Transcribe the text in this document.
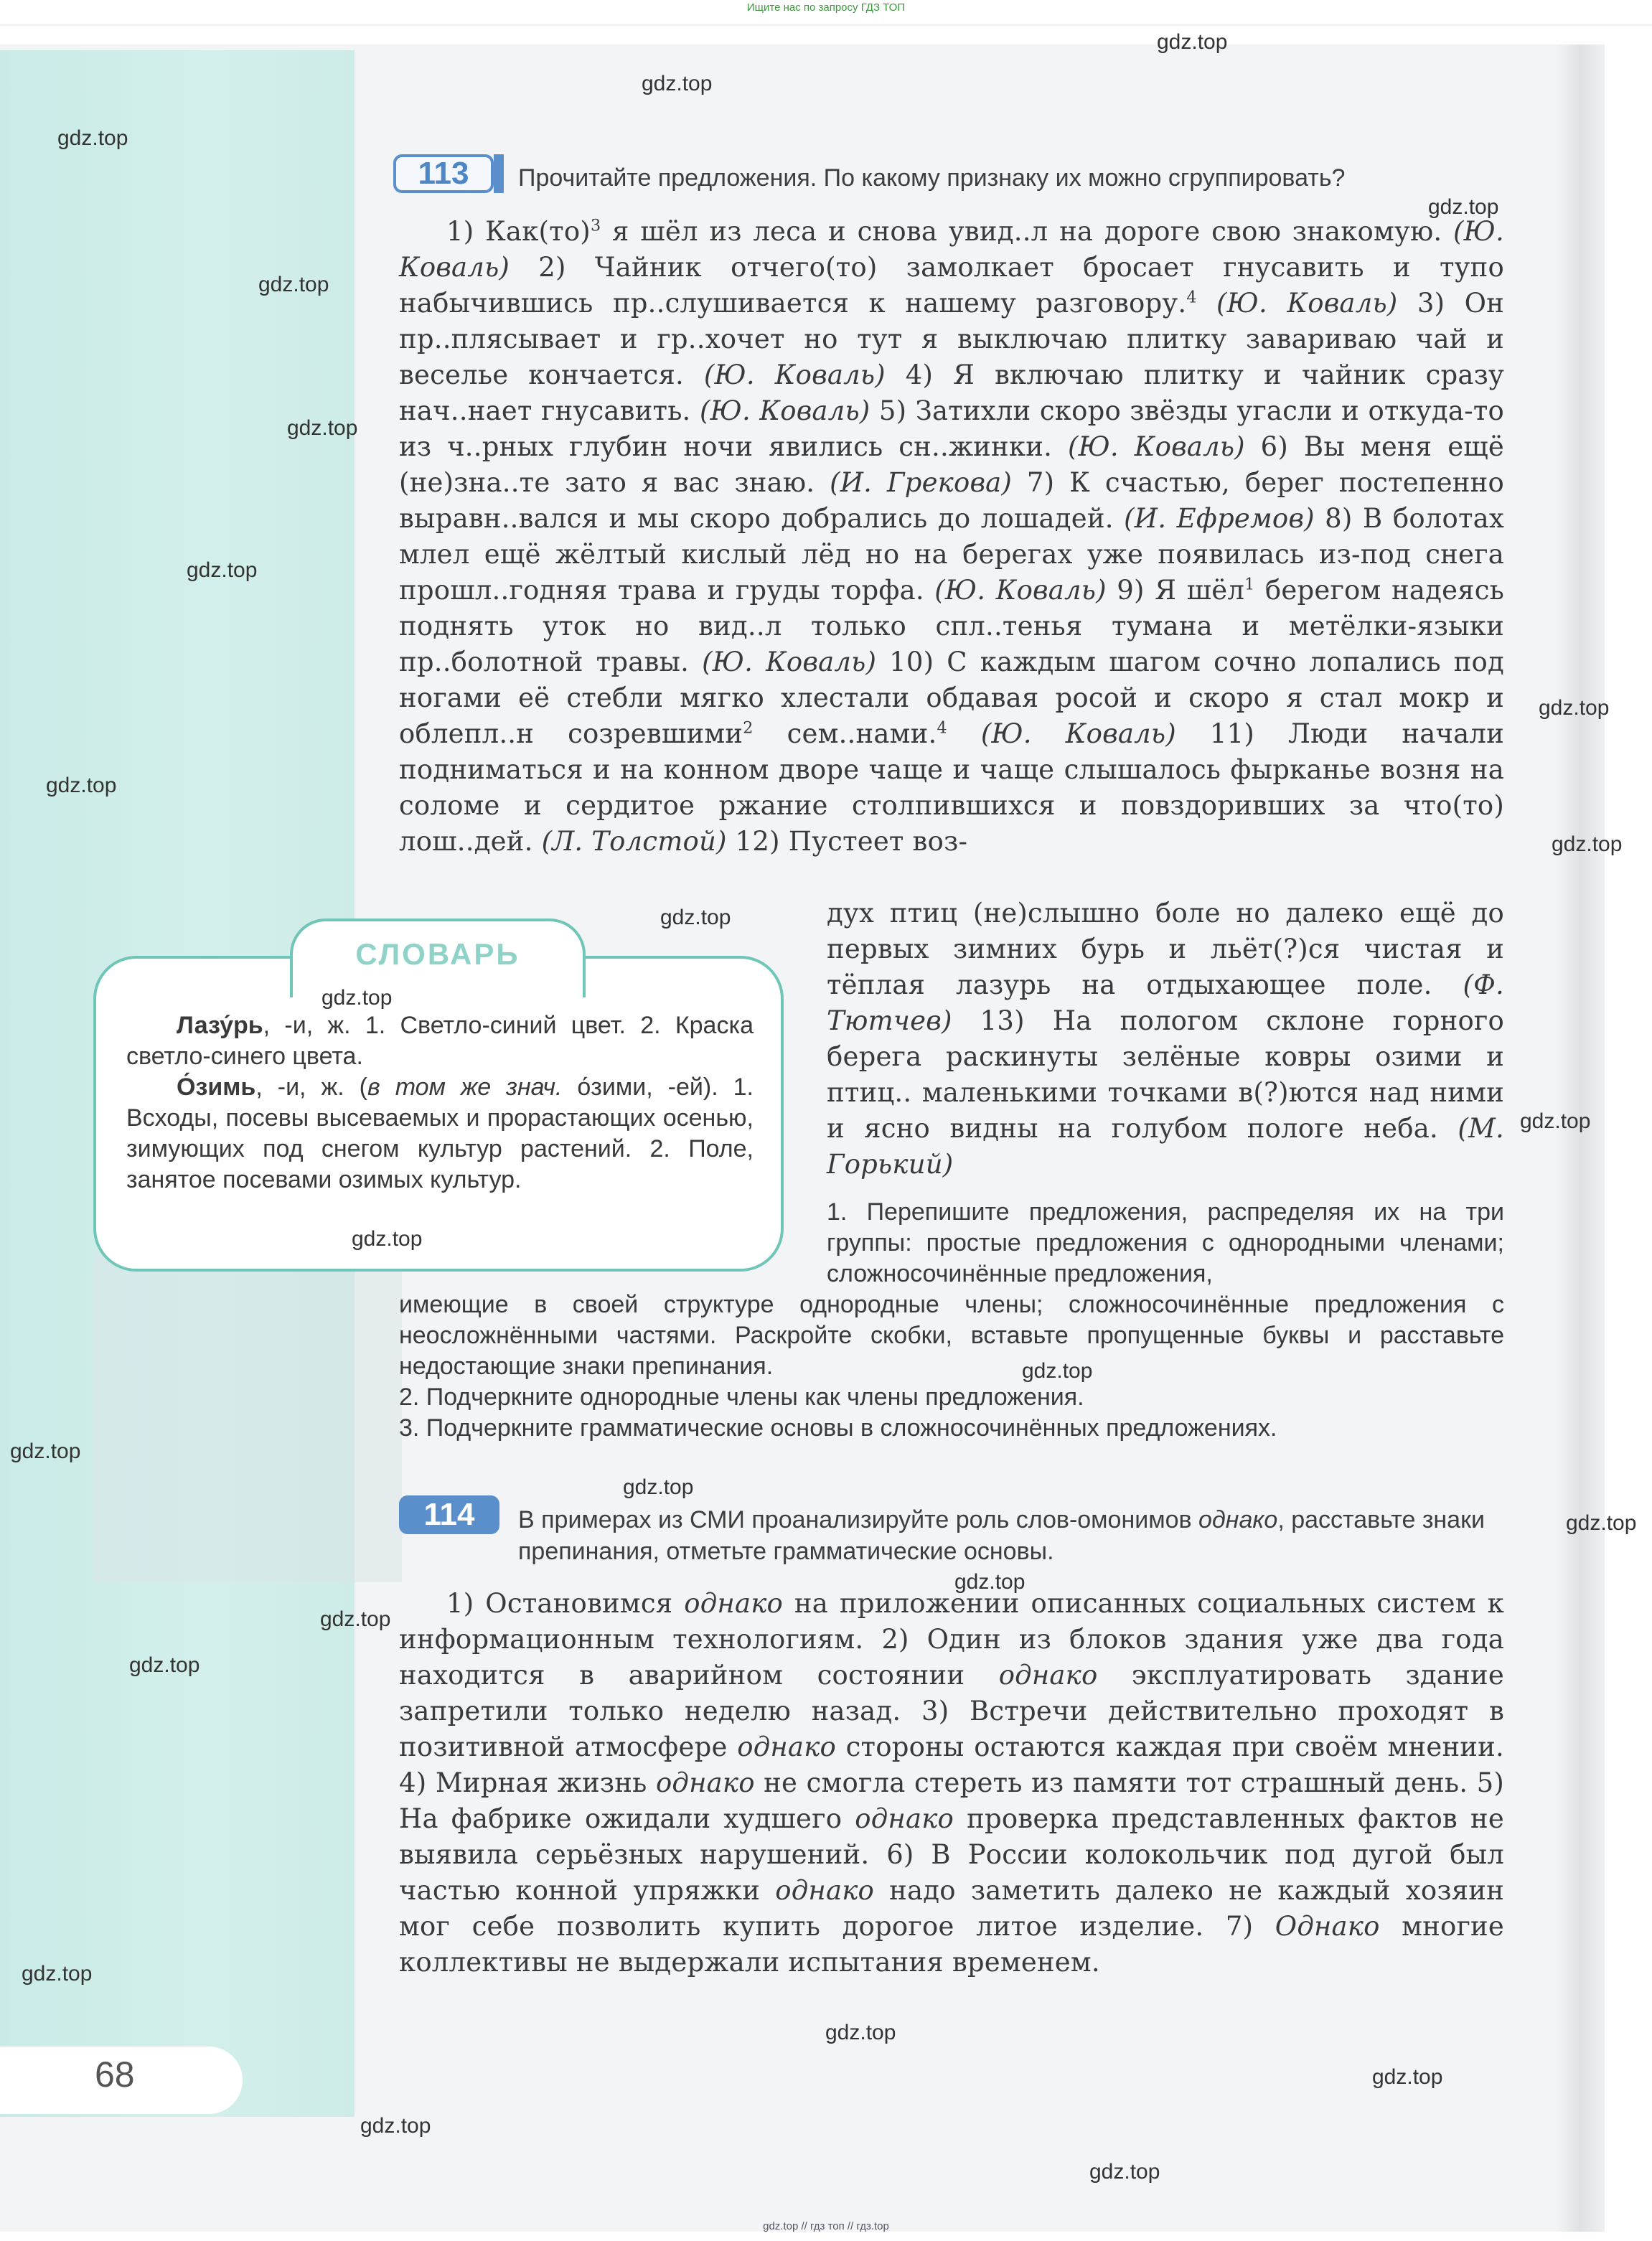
Ищите нас по запросу ГДЗ ТОП
113 Прочитайте предложения. По какому признаку их можно сгруппировать?
1) Как(то)$^3$ я шёл из леса и снова увид..л на дороге свою знакомую. (Ю. Коваль) 2) Чайник отчего(то) замолкает бросает гнусавить и тупо набычившись пр..слушивается к нашему разговору.$^4$ (Ю. Коваль) 3) Он пр..плясывает и гр..хочет но тут я выключаю плитку завариваю чай и веселье кончается. (Ю. Коваль) 4) Я включаю плитку и чайник сразу нач..нает гнусавить. (Ю. Коваль) 5) Затихли скоро звёзды угасли и откуда-то из ч..рных глубин ночи явились сн..жинки. (Ю. Коваль) 6) Вы меня ещё (не)зна..те зато я вас знаю. (И. Грекова) 7) К счастью, берег постепенно выравн..вался и мы скоро добрались до лошадей. (И. Ефремов) 8) В болотах млел ещё жёлтый кислый лёд но на берегах уже появилась из-под снега прошл..годняя трава и груды торфа. (Ю. Коваль) 9) Я шёл$^1$ берегом надеясь поднять уток но вид..л только спл..тенья тумана и метёлки-языки пр..болотной травы. (Ю. Коваль) 10) С каждым шагом сочно лопались под ногами её стебли мягко хлестали обдавая росой и скоро я стал мокр и облепл..н созревшими$^2$ сем..нами.$^4$ (Ю. Коваль) 11) Люди начали подниматься и на конном дворе чаще и чаще слышалось фырканье возня на соломе и сердитое ржание столпившихся и повздоривших за что(то) лош..дей. (Л. Толстой) 12) Пустеет воз-
дух птиц (не)слышно боле но далеко ещё до первых зимних бурь и льёт(?)ся чистая и тёплая лазурь на отдыхающее поле. (Ф. Тютчев) 13) На пологом склоне горного берега раскинуты зелёные ковры озими и птиц.. маленькими точками в(?)ются над ними и ясно видны на голубом пологе неба. (М. Горький)
1. Перепишите предложения, распределяя их на три группы: простые предложения с однородными членами; сложносочинённые предложения,
имеющие в своей структуре однородные члены; сложносочинённые предложения с неосложнёнными частями. Раскройте скобки, вставьте пропущенные буквы и расставьте недостающие знаки препинания.
2. Подчеркните однородные члены как члены предложения.
3. Подчеркните грамматические основы в сложносочинённых предложениях.
СЛОВАРЬ
Лазу́рь, -и, ж. 1. Светло-синий цвет. 2. Краска светло-синего цвета.
О́зимь, -и, ж. (в том же знач. о́зими, -ей). 1. Всходы, посевы высеваемых и прорастающих осенью, зимующих под снегом культур растений. 2. Поле, занятое посевами озимых культур.
114 В примерах из СМИ проанализируйте роль слов-омонимов однако, расставьте знаки препинания, отметьте грамматические основы.
1) Остановимся однако на приложении описанных социальных систем к информационным технологиям. 2) Один из блоков здания уже два года находится в аварийном состоянии однако эксплуатировать здание запретили только неделю назад. 3) Встречи действительно проходят в позитивной атмосфере однако стороны остаются каждая при своём мнении. 4) Мирная жизнь однако не смогла стереть из памяти тот страшный день. 5) На фабрике ожидали худшего однако проверка представленных фактов не выявила серьёзных нарушений. 6) В России колокольчик под дугой был частью конной упряжки однако надо заметить далеко не каждый хозяин мог себе позволить купить дорогое литое изделие. 7) Однако многие коллективы не выдержали испытания временем.
68
gdz.top // гдз топ // гдз.top
gdz.top
gdz.top
gdz.top
gdz.top
gdz.top
gdz.top
gdz.top
gdz.top
gdz.top
gdz.top
gdz.top
gdz.top
gdz.top
gdz.top
gdz.top
gdz.top
gdz.top
gdz.top
gdz.top
gdz.top
gdz.top
gdz.top
gdz.top
gdz.top
gdz.top
gdz.top
